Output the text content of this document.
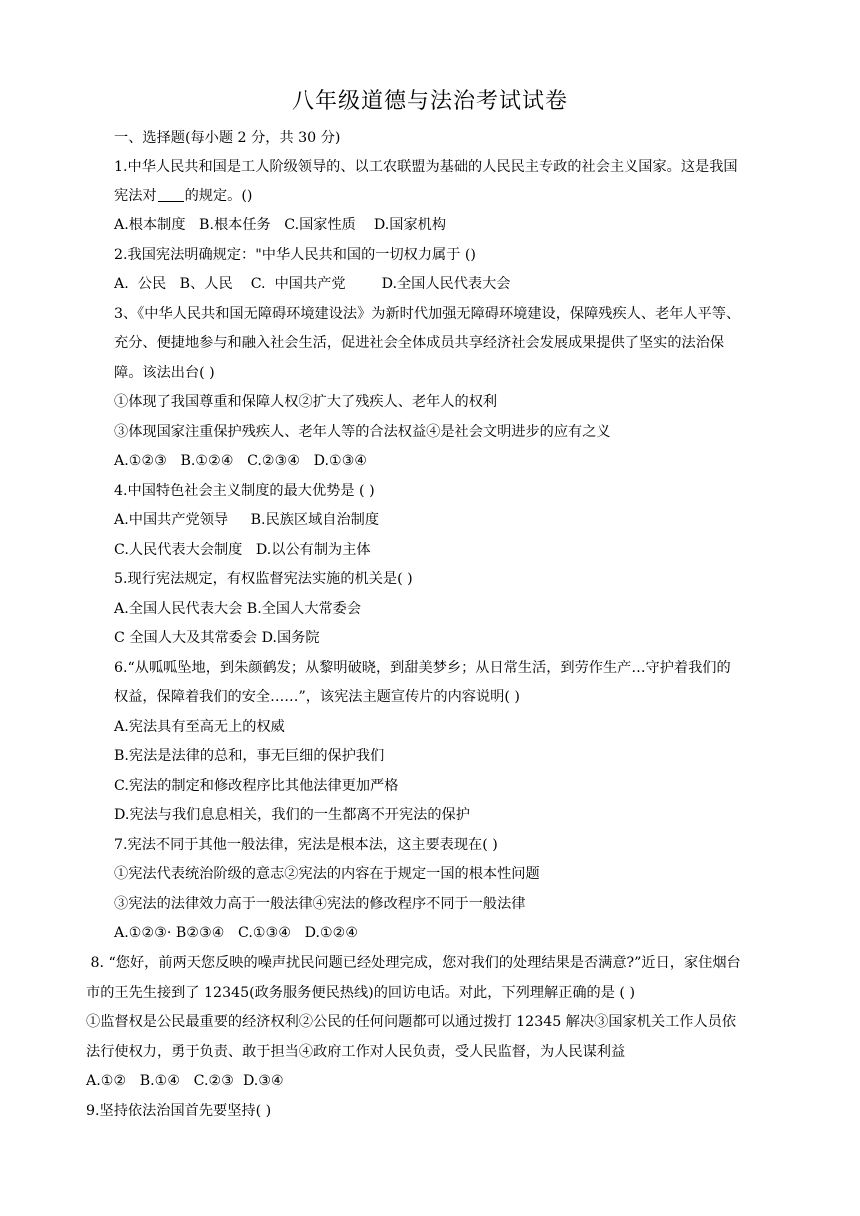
八年级道德与法治考试试卷
一、选择题(每小题 2 分，共 30 分)
1.中华人民共和国是工人阶级领导的、以工农联盟为基础的人民民主专政的社会主义国家。这是我国
宪法对 的规定。()
A.根本制度   B.根本任务   C.国家性质    D.国家机构
2.我国宪法明确规定："中华人民共和国的一切权力属于 ()
A.  公民   B、人民    C.  中国共产党        D.全国人民代表大会
3、《中华人民共和国无障碍环境建设法》为新时代加强无障碍环境建设，保障残疾人、老年人平等、
充分、便捷地参与和融入社会生活，促进社会全体成员共享经济社会发展成果提供了坚实的法治保
障。该法出台( )
①体现了我国尊重和保障人权②扩大了残疾人、老年人的权利
③体现国家注重保护残疾人、老年人等的合法权益④是社会文明进步的应有之义
A.①②③   B.①②④   C.②③④   D.①③④
4.中国特色社会主义制度的最大优势是 ( )
A.中国共产党领导     B.民族区域自治制度
C.人民代表大会制度   D.以公有制为主体
5.现行宪法规定，有权监督宪法实施的机关是( )
A.全国人民代表大会 B.全国人大常委会
C 全国人大及其常委会 D.国务院
6.“从呱呱坠地，到朱颜鹤发；从黎明破晓，到甜美梦乡；从日常生活，到劳作生产…守护着我们的
权益，保障着我们的安全……”，该宪法主题宣传片的内容说明( )
A.宪法具有至高无上的权威
B.宪法是法律的总和，事无巨细的保护我们
C.宪法的制定和修改程序比其他法律更加严格
D.宪法与我们息息相关，我们的一生都离不开宪法的保护
7.宪法不同于其他一般法律，宪法是根本法，这主要表现在( )
①宪法代表统治阶级的意志②宪法的内容在于规定一国的根本性问题
③宪法的法律效力高于一般法律④宪法的修改程序不同于一般法律
A.①②③· B②③④   C.①③④   D.①②④
8. “您好，前两天您反映的噪声扰民问题已经处理完成，您对我们的处理结果是否满意?”近日，家住烟台
市的王先生接到了 12345(政务服务便民热线)的回访电话。对此，下列理解正确的是 ( )
①监督权是公民最重要的经济权利②公民的任何问题都可以通过拨打 12345 解决③国家机关工作人员依
法行使权力，勇于负责、敢于担当④政府工作对人民负责，受人民监督，为人民谋利益
A.①②   B.①④   C.②③  D.③④
9.坚持依法治国首先要坚持( )
